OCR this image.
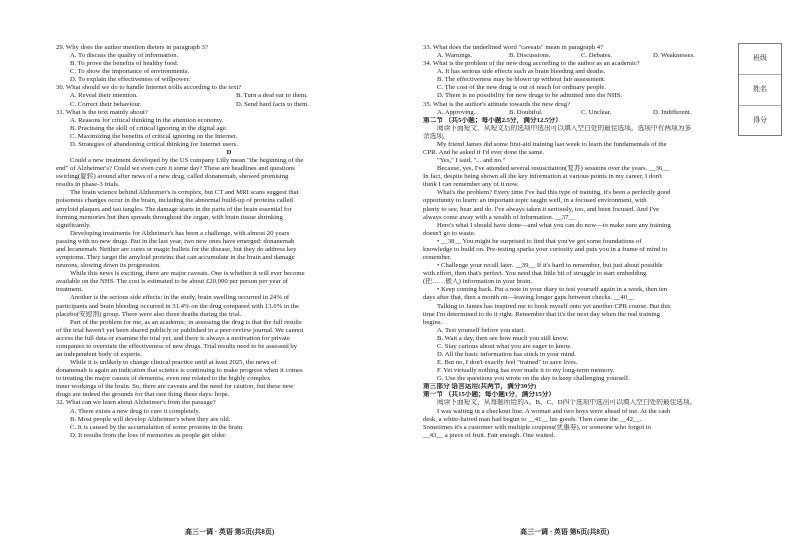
29. Why does the author mention dieters in paragraph 3?
A. To discuss the quality of information.
B. To prove the benefits of healthy food.
C. To show the importance of environments.
D. To explain the effectiveness of willpower.
30. What should we do to handle Internet trolls according to the text?
A. Reveal their intention.	B. Turn a deaf ear to them.
C. Correct their behaviour.	D. Send hard facts to them.
31. What is the text mainly about?
A. Reasons for critical thinking in the attention economy.
B. Practising the skill of critical ignoring in the digital age.
C. Maximizing the benefits of critical ignoring on the Internet.
D. Strategies of abandoning critical thinking for Internet users.
D
Could a new treatment developed by the US company Lilly mean "the beginning of the
end" of Alzheimer's? Could we even cure it some day? These are headlines and questions
swirling(旋转) around after news of a new drug, called donanemab, showed promising
results in phase-3 trials.
The brain science behind Alzheimer's is complex, but CT and MRI scans suggest that
poisonous changes occur in the brain, including the abnormal build-up of proteins called
amyloid plaques and tau tangles. The damage starts in the parts of the brain essential for
forming memories but then spreads throughout the organ, with brain tissue shrinking
significantly.
Developing treatments for Alzheimer's has been a challenge, with almost 20 years
passing with no new drugs. But in the last year, two new ones have emerged: donanemab
and lecanemab. Neither are cures or magic bullets for the disease, but they do address key
symptoms. They target the amyloid proteins that can accumulate in the brain and damage
neurons, slowing down its progression.
While this news is exciting, there are major caveats. One is whether it will ever become
available on the NHS. The cost is estimated to be about £20,000 per person per year of
treatment.
Another is the serious side effects: in the study, brain swelling occurred in 24% of
participants and brain bleeding occurred in 31.4% on the drug compared with 13.6% in the
placebo(安慰剂) group. There were also three deaths during the trial.
Part of the problem for me, as an academic, in assessing the drug is that the full results
of the trial haven't yet been shared publicly or published in a peer-review journal. We cannot
access the full data or examine the trial yet, and there is always a motivation for private
companies to overstate the effectiveness of new drugs. Trial results need to be assessed by
an independent body of experts.
While it is unlikely to change clinical practice until at least 2025, the news of
donanemab is again an indication that science is continuing to make progress when it comes
to treating the major causes of dementia, even one related to the highly complex
inner workings of the brain. So, there are caveats and the need for caution, but these new
drugs are indeed the grounds for that rare thing these days: hope.
32. What can we learn about Alzheimer's from the passage?
A. There exists a new drug to cure it completely.
B. Most people will develop Alzheimer's when they are old.
C. It is caused by the accumulation of some proteins in the brain.
D. It results from the loss of memories as people get older.
33. What does the underlined word "caveats" mean in paragraph 4?
A. Warnings.	B. Discussions.	C. Debates.	D. Weaknesses.
34. What is the problem of the new drug according to the author as an academic?
A. It has serious side effects such as brain bleeding and deaths.
B. The effectiveness may be blown up without fair assessment.
C. The cost of the new drug is out of reach for ordinary people.
D. There is no possibility for new drugs to be admitted into the NHS.
35. What is the author's attitude towards the new drug?
A. Approving.	B. Doubtful.	C. Unclear.	D. Indifferent.
第二节 （共5小题；每小题2.5分，满分12.5分）
阅读下面短文，从短文后的选项中选出可以填入空白处的最佳选项。选项中有两项为多
余选项。
My friend James did some first-aid training last week to learn the fundamentals of the
CPR. And he asked if I'd ever done the same.
"Yes," I said, "... and no."
Because, yes, I've attended several resuscitation(复苏) sessions over the years. __36__
In fact, despite being shown all the key information at various points in my career, I don't
think I can remember any of it now.
What's the problem? Every time I've had this type of training, it's been a perfectly good
opportunity to learn: an important topic taught well, in a focused environment, with
plenty to see, hear and do. I've always taken it seriously, too, and been focused. And I've
always come away with a wealth of information. __37__
Here's what I should have done—and what you can do now—to make sure any training
doesn't go to waste.
• __38__ You might be surprised to find that you've got some foundations of
knowledge to build on. Pre-testing sparks your curiosity and puts you in a frame of mind to
remember.
• Challenge your recall later. __39__ If it's hard to remember, but just about possible
with effort, then that's perfect. You need that little bit of struggle to start embedding
(把……嵌入) information in your brain.
• Keep coming back. Put a note in your diary to test yourself again in a week, then ten
days after that, then a month on—leaving longer gaps between checks. __40__
Talking to James has inspired me to book myself onto yet another CPR course. But this
time I'm determined to do it right. Remember that it's the next day when the real training
begins.
A. Test yourself before you start.
B. Wait a day, then see how much you still know.
C. Stay curious about what you are eager to know.
D. All the basic information has stuck in your mind.
E. But no, I don't exactly feel "trained" to save lives.
F. Yet virtually nothing has ever made it to my long-term memory.
G. Use the questions you wrote on the day to keep challenging yourself.
第三部分 语言运用(共两节，满分30分)
第一节 （共15小题；每小题1分，满分15分）
阅读下面短文，从每题所给的A、B、C、D四个选项中选出可以填入空白处的最佳选项。
I was waiting in a checkout line. A woman and two boys were ahead of me. At the cash
desk, a white-haired man had begun to __41__ his goods. Then came the __42__.
Sometimes it's a customer with multiple coupons(优惠券), or someone who forgot to
__43__ a piece of fruit. Fair enough. One waited.
高三一调 · 英语 第5页(共8页)	高三一调 · 英语 第6页(共8页)
班级
姓名
得分
